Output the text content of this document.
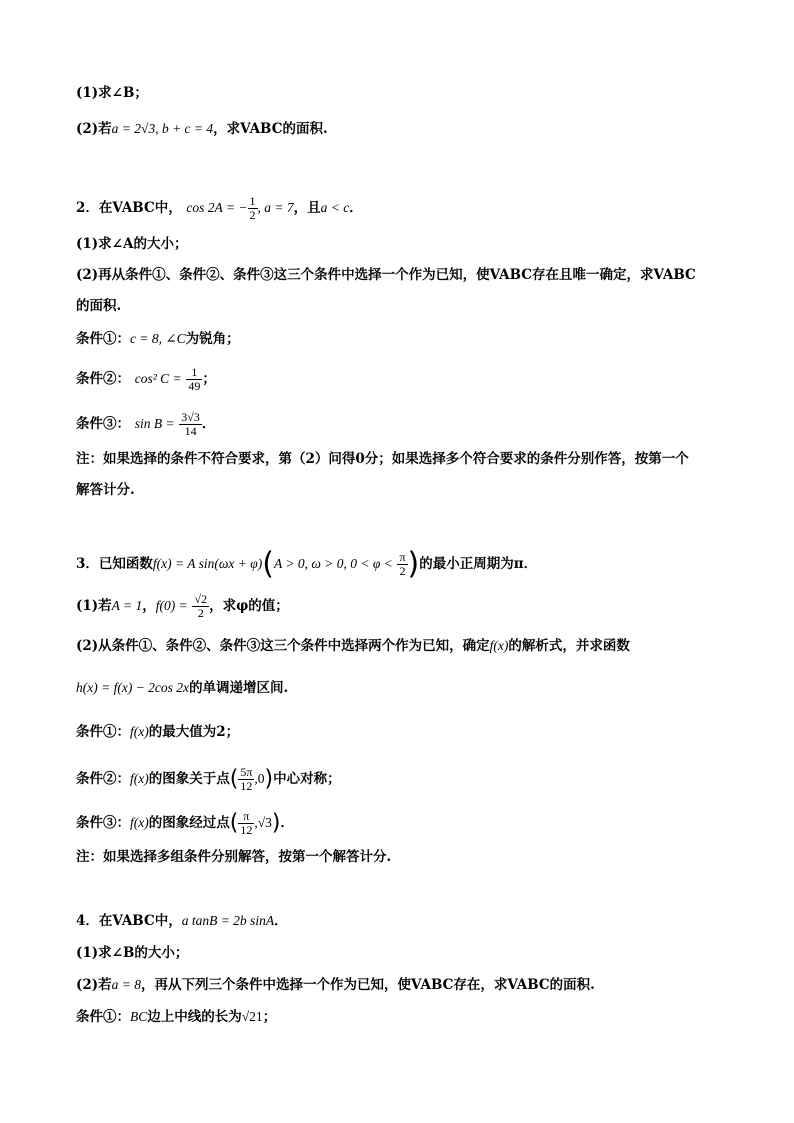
(1)求∠B；
(2)若a = 2√3, b + c = 4，求VABC的面积.
2．在VABC中， cos 2A = − $\frac{1}{2}$ , a = 7，且a < c．
(1)求∠A的大小；
(2)再从条件①、条件②、条件③这三个条件中选择一个作为已知，使VABC存在且唯一确定，求VABC
的面积.
条件①：c = 8, ∠C为锐角；
条件②： cos² $C = \frac{1}{49}$ ；
条件③： $\sin B = \frac{3√3}{14}$ ．
注：如果选择的条件不符合要求，第（2）问得0分；如果选择多个符合要求的条件分别作答，按第一个
解答计分.
3．已知函数f(x) = A sin(ωx + φ)(A > 0, ω > 0, $0 < \varphi < \frac{\pi}{2}$ )的最小正周期为π．
(1)若A = 1，$f(0) = \frac{√2}{2}$ ，求φ的值；
(2)从条件①、条件②、条件③这三个条件中选择两个作为已知，确定f(x)的解析式，并求函数
h(x) = f(x) − 2cos 2x的单调递增区间.
条件①：f(x)的最大值为2；
条件②：f(x)的图象关于点( $\frac{5\pi}{12} ,0$)中心对称；
条件③：f(x)的图象经过点( $\frac{\pi}{12} ,√3$)．
注：如果选择多组条件分别解答，按第一个解答计分.
4．在VABC中，a tanB = 2b sinA．
(1)求∠B的大小；
(2)若a = 8，再从下列三个条件中选择一个作为已知，使VABC存在，求VABC的面积.
条件①：BC边上中线的长为√21；
